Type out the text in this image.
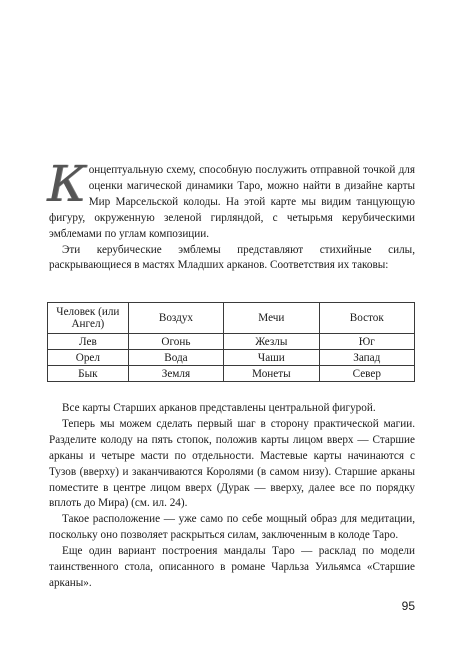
Концептуальную схему, способную послужить отправной точкой для оценки магической динамики Таро, можно найти в дизайне карты Мир Марсельской колоды. На этой карте мы видим танцующую фигуру, окруженную зеленой гирляндой, с четырьмя керубическими эмблемами по углам композиции.

Эти керубические эмблемы представляют стихийные силы, раскрывающиеся в мастях Младших арканов. Соответствия их таковы:

Человек (или Ангел)	Воздух	Мечи	Восток
Лев	Огонь	Жезлы	Юг
Орел	Вода	Чаши	Запад
Бык	Земля	Монеты	Север

Все карты Старших арканов представлены центральной фигурой.

Теперь мы можем сделать первый шаг в сторону практической магии. Разделите колоду на пять стопок, положив карты лицом вверх — Старшие арканы и четыре масти по отдельности. Мастевые карты начинаются с Тузов (вверху) и заканчиваются Королями (в самом низу). Старшие арканы поместите в центре лицом вверх (Дурак — вверху, далее все по порядку вплоть до Мира) (см. ил. 24).

Такое расположение — уже само по себе мощный образ для медитации, поскольку оно позволяет раскрыться силам, заключенным в колоде Таро.

Еще один вариант построения мандалы Таро — расклад по модели таинственного стола, описанного в романе Чарльза Уильямса «Старшие арканы».

95
